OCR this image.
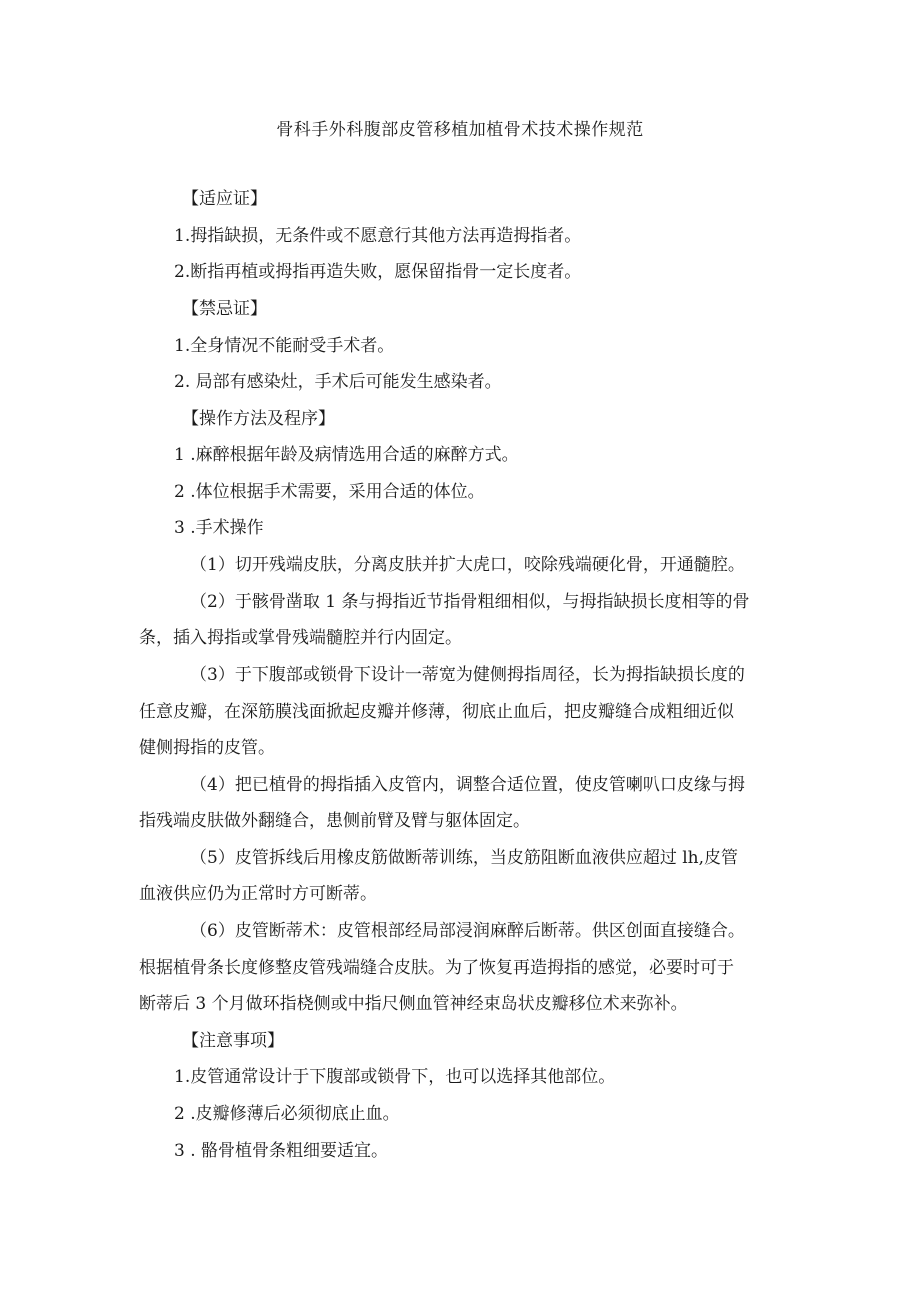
骨科手外科腹部皮管移植加植骨术技术操作规范
【适应证】
1.拇指缺损，无条件或不愿意行其他方法再造拇指者。
2.断指再植或拇指再造失败，愿保留指骨一定长度者。
【禁忌证】
1.全身情况不能耐受手术者。
2. 局部有感染灶，手术后可能发生感染者。
【操作方法及程序】
1 .麻醉根据年龄及病情选用合适的麻醉方式。
2 .体位根据手术需要，采用合适的体位。
3 .手术操作
（1）切开残端皮肤，分离皮肤并扩大虎口，咬除残端硬化骨，开通髓腔。
（2）于骸骨凿取 1 条与拇指近节指骨粗细相似，与拇指缺损长度相等的骨
条，插入拇指或掌骨残端髓腔并行内固定。
（3）于下腹部或锁骨下设计一蒂宽为健侧拇指周径，长为拇指缺损长度的
任意皮瓣，在深筋膜浅面掀起皮瓣并修薄，彻底止血后，把皮瓣缝合成粗细近似
健侧拇指的皮管。
（4）把已植骨的拇指插入皮管内，调整合适位置，使皮管喇叭口皮缘与拇
指残端皮肤做外翻缝合，患侧前臂及臂与躯体固定。
（5）皮管拆线后用橡皮筋做断蒂训练，当皮筋阻断血液供应超过 lh,皮管
血液供应仍为正常时方可断蒂。
（6）皮管断蒂术：皮管根部经局部浸润麻醉后断蒂。供区创面直接缝合。
根据植骨条长度修整皮管残端缝合皮肤。为了恢复再造拇指的感觉，必要时可于
断蒂后 3 个月做环指桡侧或中指尺侧血管神经束岛状皮瓣移位术来弥补。
【注意事项】
1.皮管通常设计于下腹部或锁骨下，也可以选择其他部位。
2 .皮瓣修薄后必须彻底止血。
3 . 骼骨植骨条粗细要适宜。
